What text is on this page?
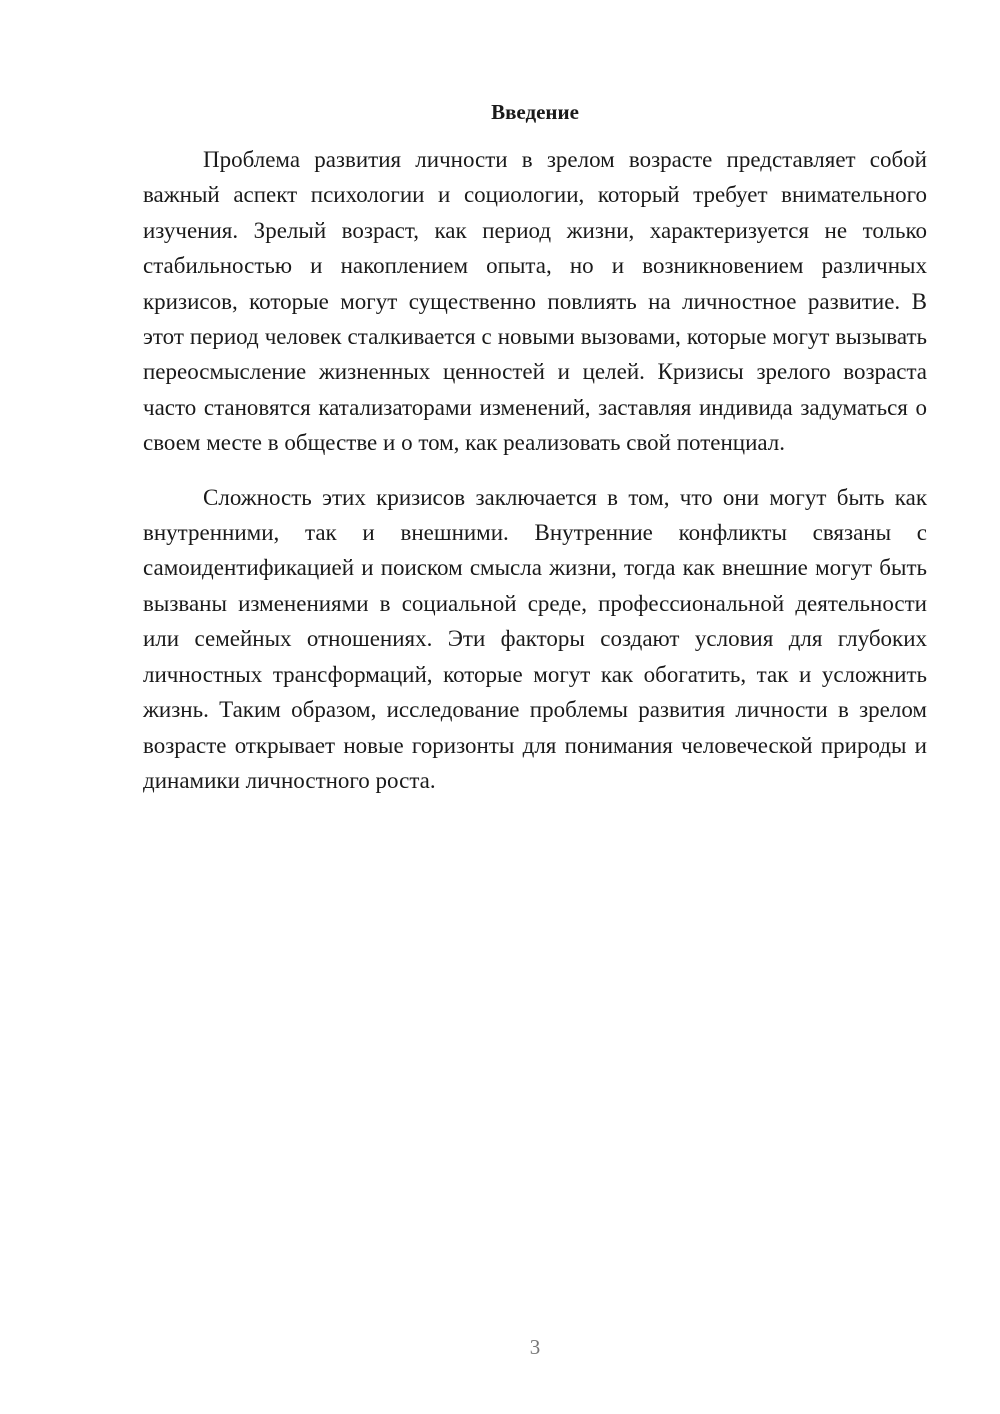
Введение

Проблема развития личности в зрелом возрасте представляет собой важный аспект психологии и социологии, который требует внимательного изучения. Зрелый возраст, как период жизни, характеризуется не только стабильностью и накоплением опыта, но и возникновением различных кризисов, которые могут существенно повлиять на личностное развитие. В этот период человек сталкивается с новыми вызовами, которые могут вызывать переосмысление жизненных ценностей и целей. Кризисы зрелого возраста часто становятся катализаторами изменений, заставляя индивида задуматься о своем месте в обществе и о том, как реализовать свой потенциал.

Сложность этих кризисов заключается в том, что они могут быть как внутренними, так и внешними. Внутренние конфликты связаны с самоидентификацией и поиском смысла жизни, тогда как внешние могут быть вызваны изменениями в социальной среде, профессиональной деятельности или семейных отношениях. Эти факторы создают условия для глубоких личностных трансформаций, которые могут как обогатить, так и усложнить жизнь. Таким образом, исследование проблемы развития личности в зрелом возрасте открывает новые горизонты для понимания человеческой природы и динамики личностного роста.

3
